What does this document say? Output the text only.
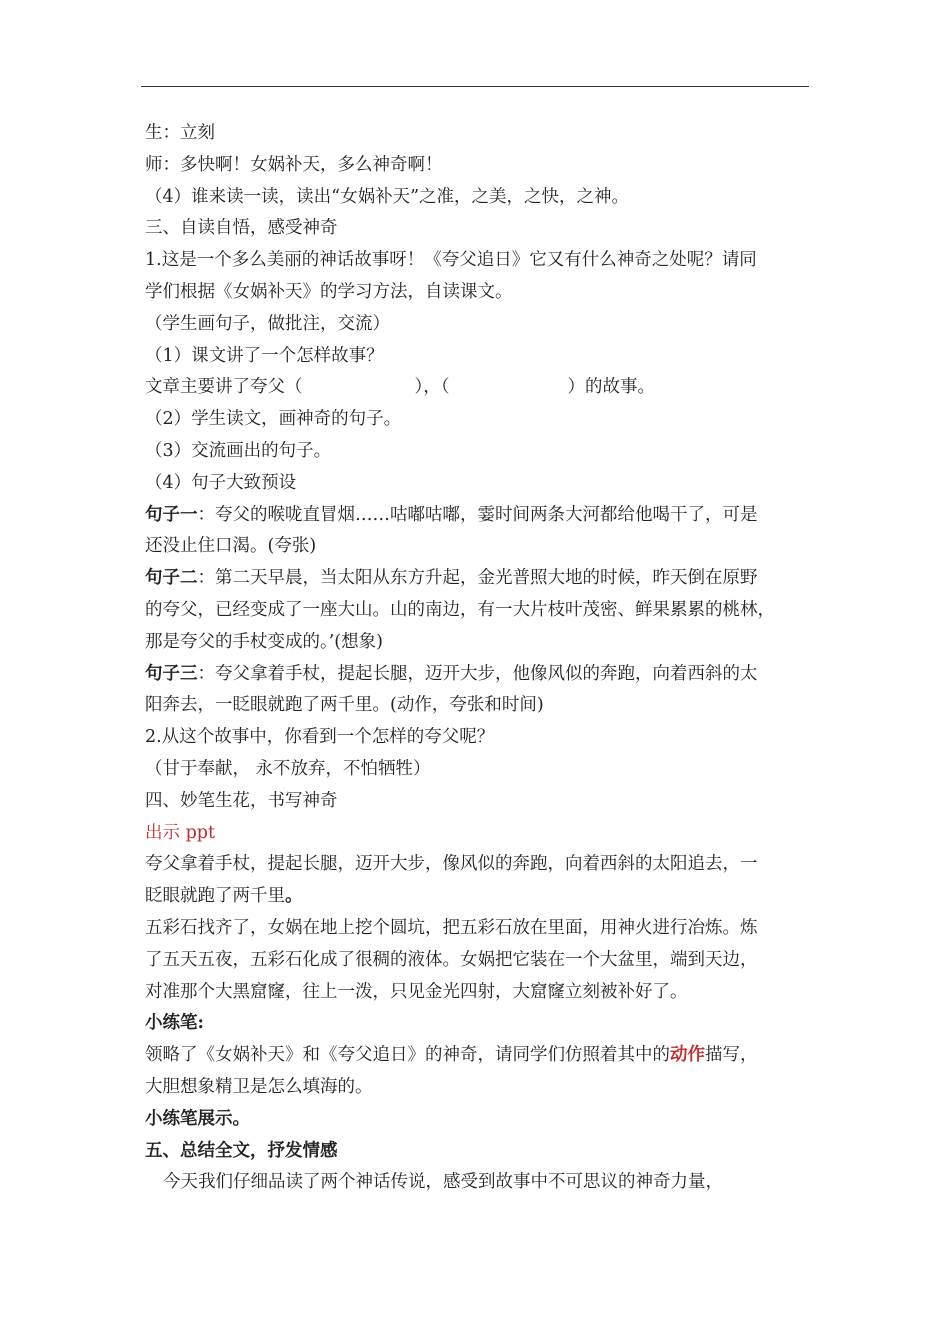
生：立刻
师：多快啊！女娲补天，多么神奇啊！
（4）谁来读一读，读出“女娲补天”之准，之美，之快，之神。
三、自读自悟，感受神奇
1.这是一个多么美丽的神话故事呀！《夸父追日》它又有什么神奇之处呢？请同
学们根据《女娲补天》的学习方法，自读课文。
（学生画句子，做批注，交流）
（1）课文讲了一个怎样故事？
文章主要讲了夸父（	），（	）的故事。
（2）学生读文，画神奇的句子。
（3）交流画出的句子。
（4）句子大致预设
句子一：夸父的喉咙直冒烟……咕嘟咕嘟，霎时间两条大河都给他喝干了，可是
还没止住口渴。(夸张)
句子二：第二天早晨，当太阳从东方升起，金光普照大地的时候，昨天倒在原野
的夸父，已经变成了一座大山。山的南边，有一大片枝叶茂密、鲜果累累的桃林，
那是夸父的手杖变成的。’(想象)
句子三：夸父拿着手杖，提起长腿，迈开大步，他像风似的奔跑，向着西斜的太
阳奔去，一眨眼就跑了两千里。(动作，夸张和时间)
2.从这个故事中，你看到一个怎样的夸父呢？
（甘于奉献， 永不放弃，不怕牺牲）
四、妙笔生花，书写神奇
出示 ppt
夸父拿着手杖，提起长腿，迈开大步，像风似的奔跑，向着西斜的太阳追去，一
眨眼就跑了两千里。
五彩石找齐了，女娲在地上挖个圆坑，把五彩石放在里面，用神火进行冶炼。炼
了五天五夜，五彩石化成了很稠的液体。女娲把它装在一个大盆里，端到天边，
对准那个大黑窟窿，往上一泼，只见金光四射，大窟窿立刻被补好了。
小练笔:
领略了《女娲补天》和《夸父追日》的神奇，请同学们仿照着其中的动作描写，
大胆想象精卫是怎么填海的。
小练笔展示。
五、总结全文，抒发情感
今天我们仔细品读了两个神话传说，感受到故事中不可思议的神奇力量，
